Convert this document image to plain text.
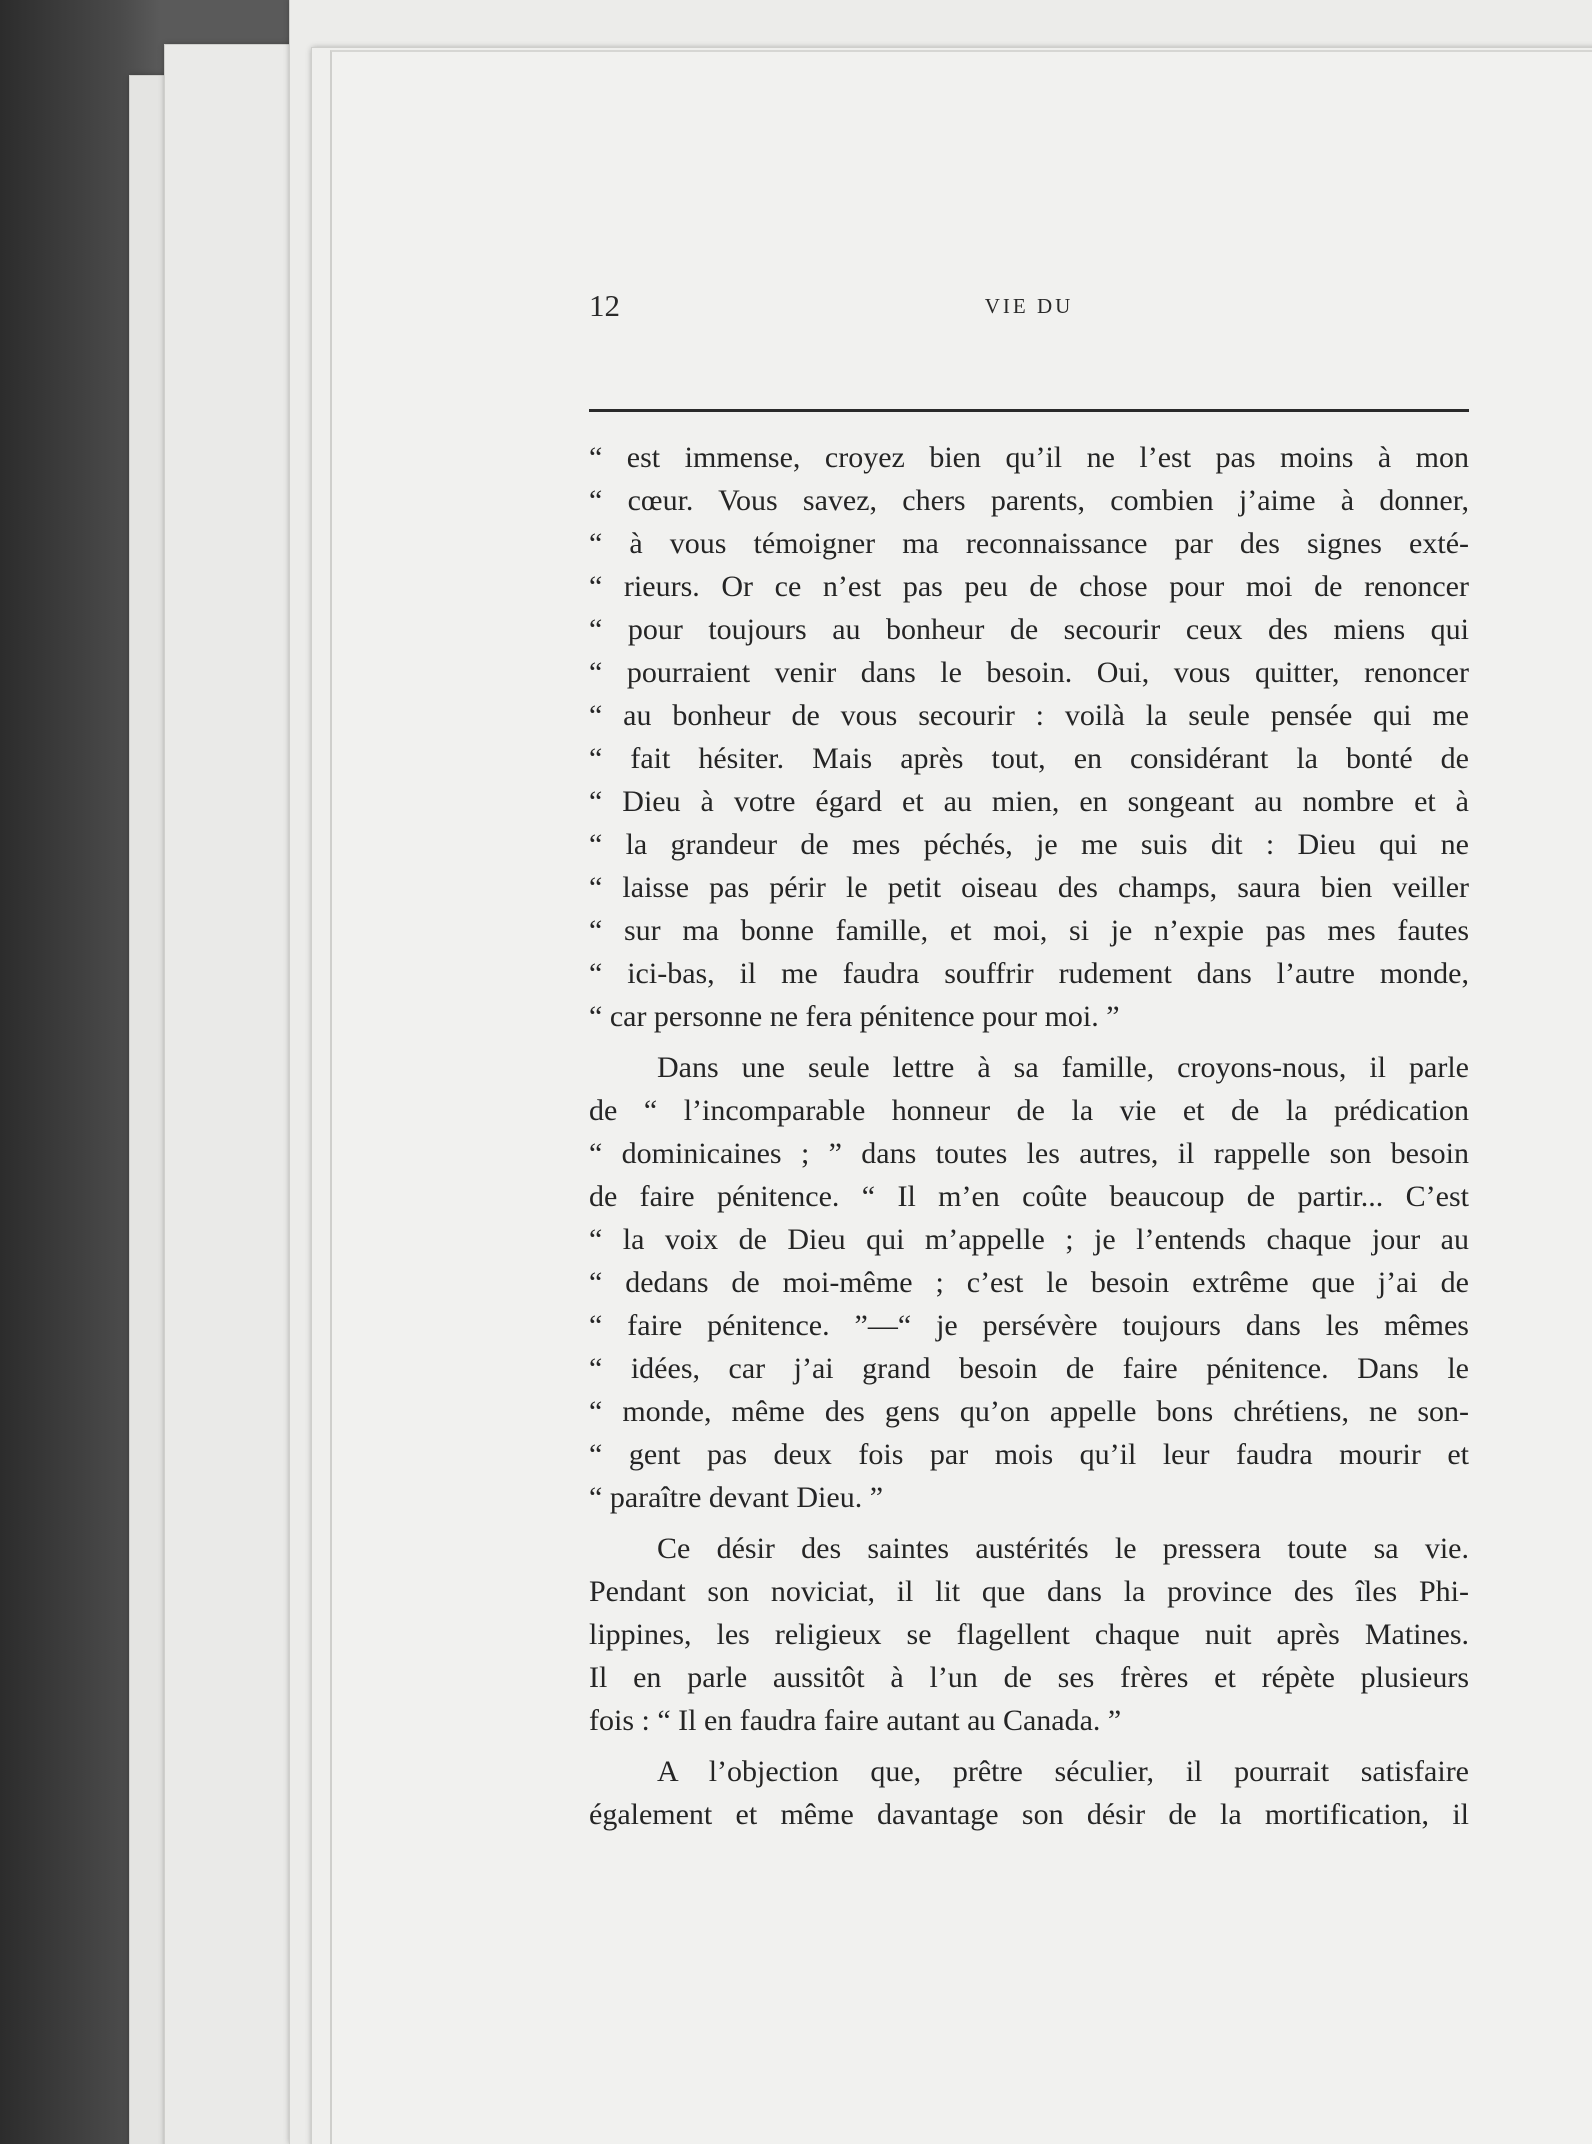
12	VIE DU
“ est immense, croyez bien qu’il ne l’est pas moins à mon
“ cœur. Vous savez, chers parents, combien j’aime à donner,
“ à vous témoigner ma reconnaissance par des signes exté-
“ rieurs. Or ce n’est pas peu de chose pour moi de renoncer
“ pour toujours au bonheur de secourir ceux des miens qui
“ pourraient venir dans le besoin. Oui, vous quitter, renoncer
“ au bonheur de vous secourir : voilà la seule pensée qui me
“ fait hésiter. Mais après tout, en considérant la bonté de
“ Dieu à votre égard et au mien, en songeant au nombre et à
“ la grandeur de mes péchés, je me suis dit : Dieu qui ne
“ laisse pas périr le petit oiseau des champs, saura bien veiller
“ sur ma bonne famille, et moi, si je n’expie pas mes fautes
“ ici-bas, il me faudra souffrir rudement dans l’autre monde,
“ car personne ne fera pénitence pour moi. ”
Dans une seule lettre à sa famille, croyons-nous, il parle
de “ l’incomparable honneur de la vie et de la prédication
“ dominicaines ; ” dans toutes les autres, il rappelle son besoin
de faire pénitence. “ Il m’en coûte beaucoup de partir... C’est
“ la voix de Dieu qui m’appelle ; je l’entends chaque jour au
“ dedans de moi-même ; c’est le besoin extrême que j’ai de
“ faire pénitence. ”—“ je persévère toujours dans les mêmes
“ idées, car j’ai grand besoin de faire pénitence. Dans le
“ monde, même des gens qu’on appelle bons chrétiens, ne son-
“ gent pas deux fois par mois qu’il leur faudra mourir et
“ paraître devant Dieu. ”
Ce désir des saintes austérités le pressera toute sa vie.
Pendant son noviciat, il lit que dans la province des îles Phi-
lippines, les religieux se flagellent chaque nuit après Matines.
Il en parle aussitôt à l’un de ses frères et répète plusieurs
fois : “ Il en faudra faire autant au Canada. ”
A l’objection que, prêtre séculier, il pourrait satisfaire
également et même davantage son désir de la mortification, il
